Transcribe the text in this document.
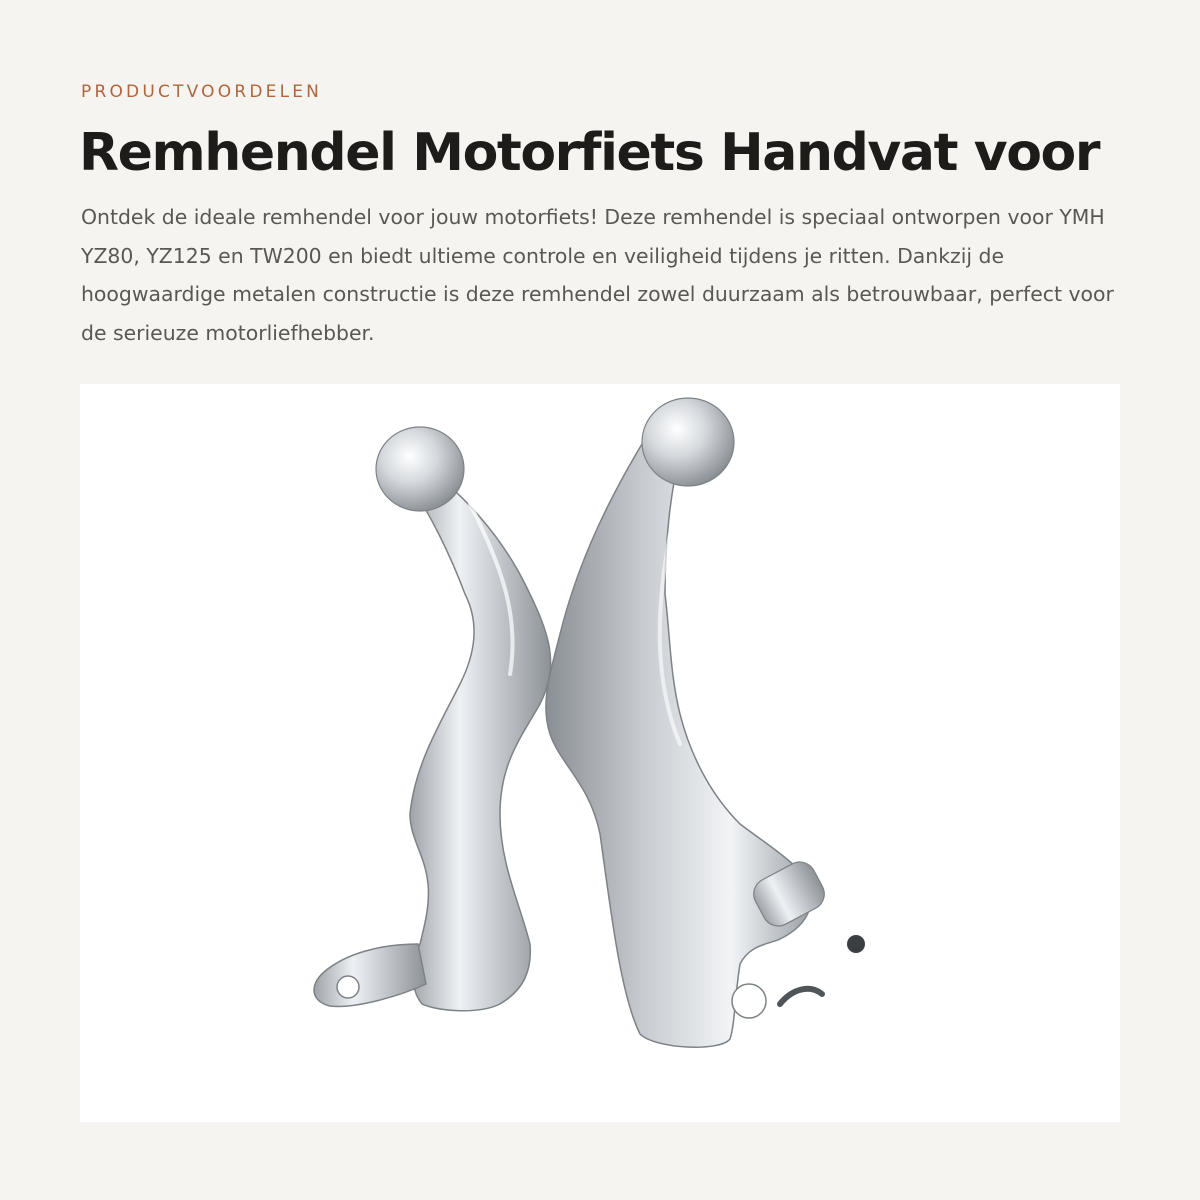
PRODUCTVOORDELEN
Remhendel Motorfiets Handvat voor

Ontdek de ideale remhendel voor jouw motorfiets! Deze remhendel is speciaal ontworpen voor YMH YZ80, YZ125 en TW200 en biedt ultieme controle en veiligheid tijdens je ritten. Dankzij de hoogwaardige metalen constructie is deze remhendel zowel duurzaam als betrouwbaar, perfect voor de serieuze motorliefhebber.
